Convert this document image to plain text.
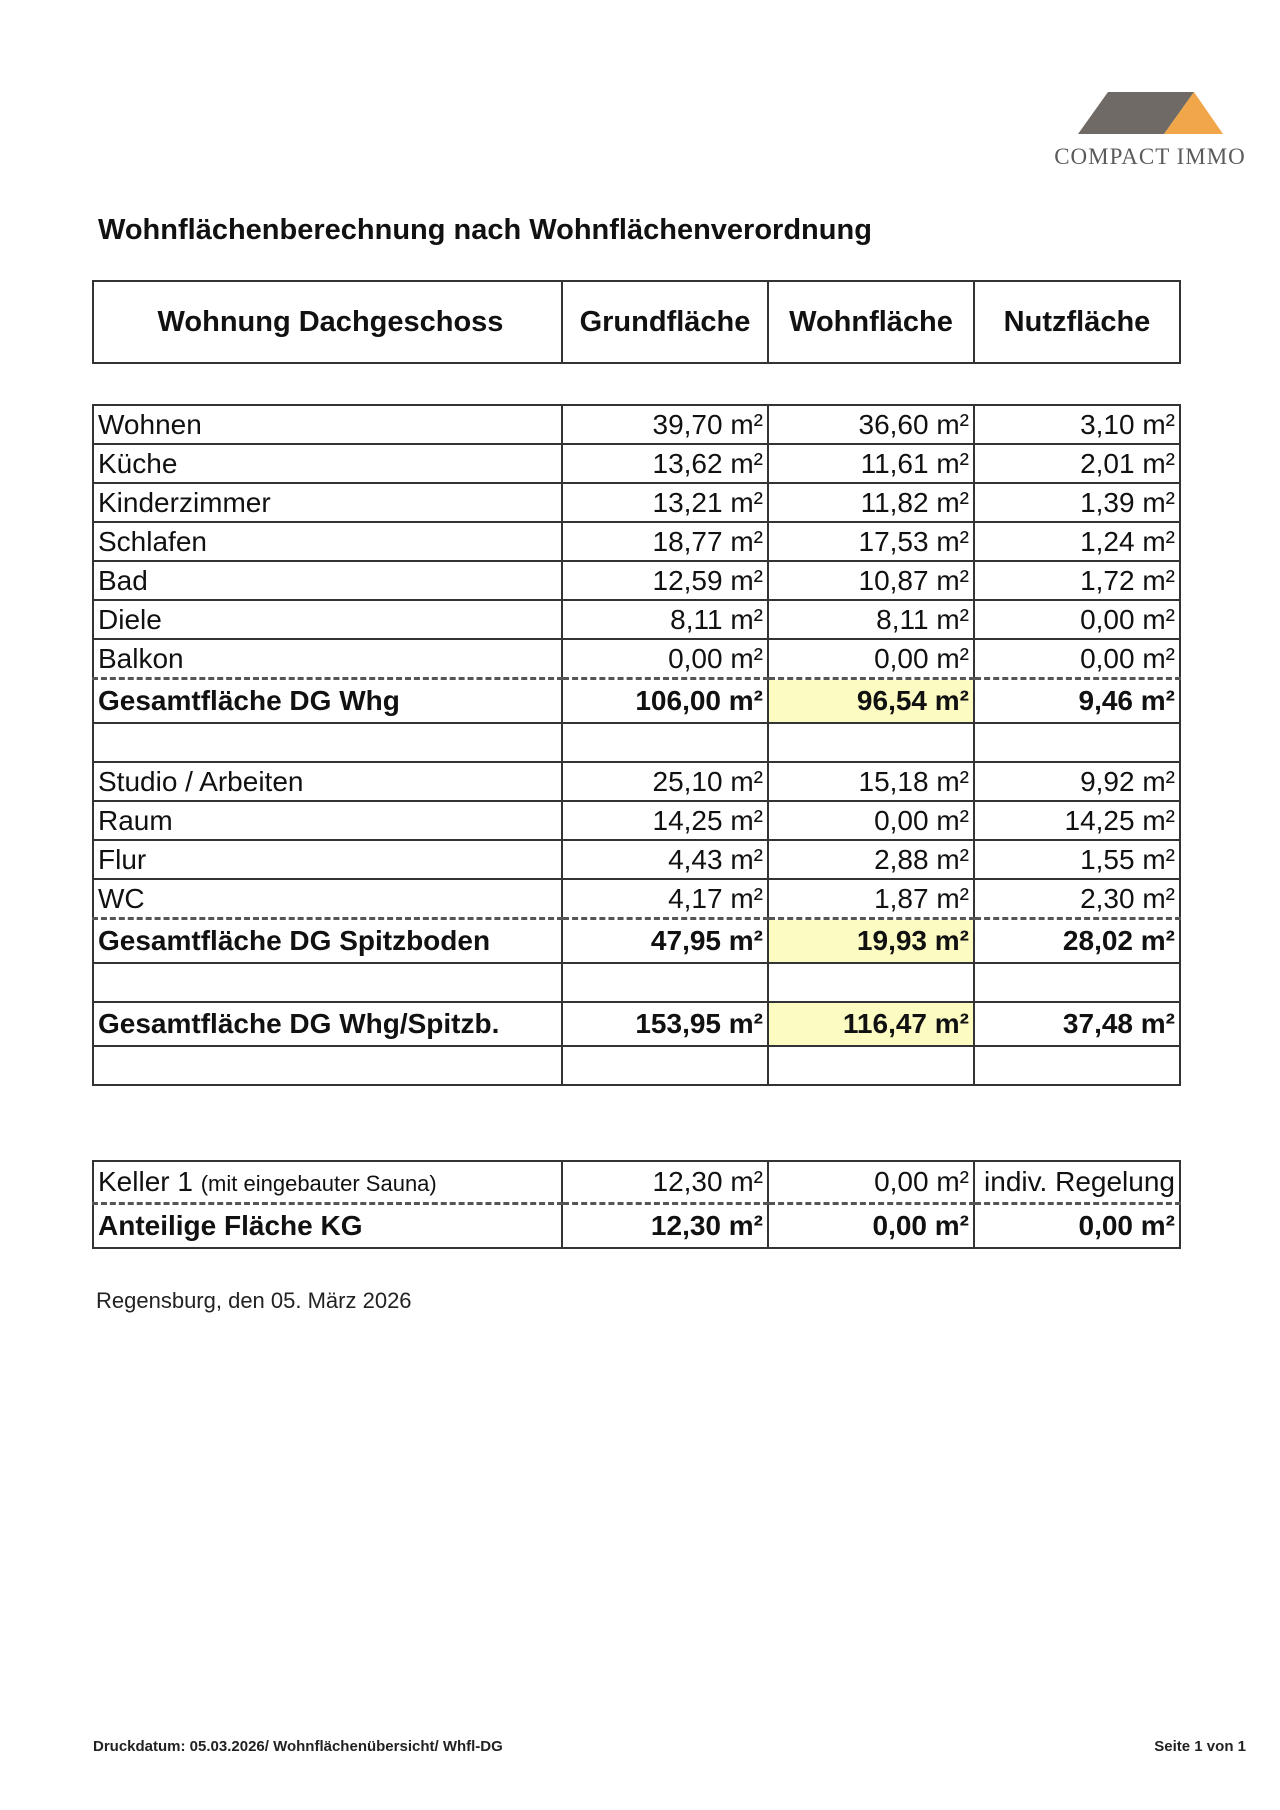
COMPACT IMMO
Wohnflächenberechnung nach Wohnflächenverordnung
Wohnung Dachgeschoss	Grundfläche	Wohnfläche	Nutzfläche
Wohnen	39,70 m²	36,60 m²	3,10 m²
Küche	13,62 m²	11,61 m²	2,01 m²
Kinderzimmer	13,21 m²	11,82 m²	1,39 m²
Schlafen	18,77 m²	17,53 m²	1,24 m²
Bad	12,59 m²	10,87 m²	1,72 m²
Diele	8,11 m²	8,11 m²	0,00 m²
Balkon	0,00 m²	0,00 m²	0,00 m²
Gesamtfläche DG Whg	106,00 m²	96,54 m²	9,46 m²

Studio / Arbeiten	25,10 m²	15,18 m²	9,92 m²
Raum	14,25 m²	0,00 m²	14,25 m²
Flur	4,43 m²	2,88 m²	1,55 m²
WC	4,17 m²	1,87 m²	2,30 m²
Gesamtfläche DG Spitzboden	47,95 m²	19,93 m²	28,02 m²

Gesamtfläche DG Whg/Spitzb.	153,95 m²	116,47 m²	37,48 m²

Keller 1 (mit eingebauter Sauna)	12,30 m²	0,00 m²	indiv. Regelung
Anteilige Fläche KG	12,30 m²	0,00 m²	0,00 m²
Regensburg, den 05. März 2026
Druckdatum: 05.03.2026/ Wohnflächenübersicht/ Whfl-DG	Seite 1 von 1
